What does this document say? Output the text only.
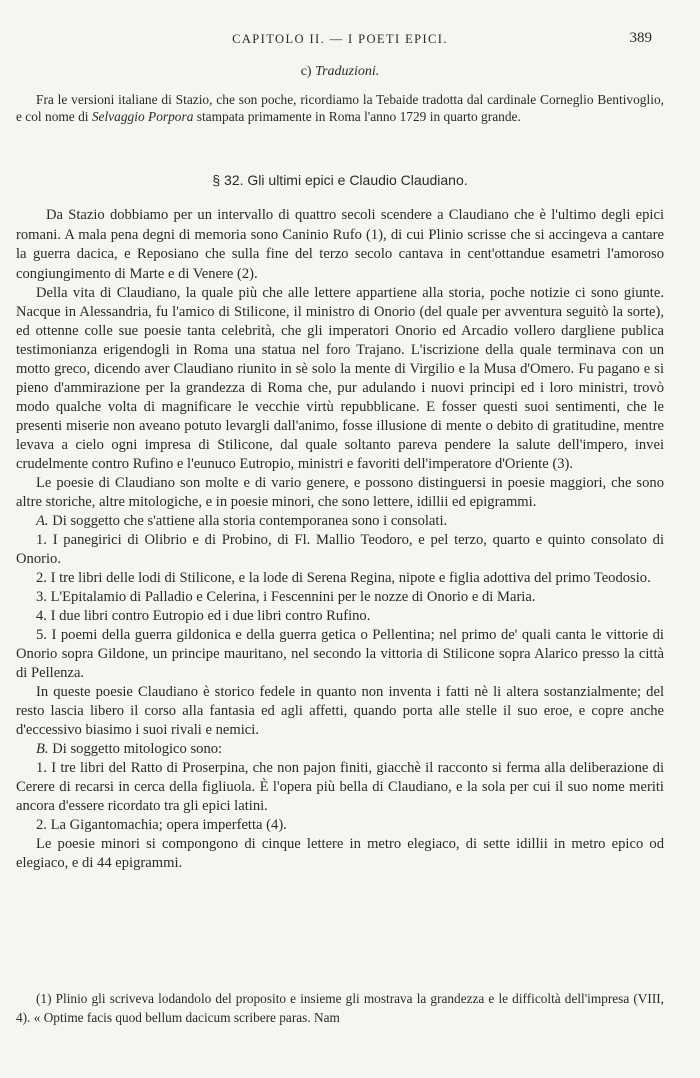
CAPITOLO II. — I POETI EPICI.	389
c) Traduzioni.

Fra le versioni italiane di Stazio, che son poche, ricordiamo la Tebaide tradotta dal cardinale Corneglio Bentivoglio, e col nome di Selvaggio Porpora stampata primamente in Roma l'anno 1729 in quarto grande.

§ 32. Gli ultimi epici e Claudio Claudiano.

Da Stazio dobbiamo per un intervallo di quattro secoli scendere a Claudiano che è l'ultimo degli epici romani. A mala pena degni di memoria sono Caninio Rufo (1), di cui Plinio scrisse che si accingeva a cantare la guerra dacica, e Reposiano che sulla fine del terzo secolo cantava in cent'ottandue esametri l'amoroso congiungimento di Marte e di Venere (2).

Della vita di Claudiano, la quale più che alle lettere appartiene alla storia, poche notizie ci sono giunte. Nacque in Alessandria, fu l'amico di Stilicone, il ministro di Onorio (del quale per avventura seguitò la sorte), ed ottenne colle sue poesie tanta celebrità, che gli imperatori Onorio ed Arcadio vollero dargliene publica testimonianza erigendogli in Roma una statua nel foro Trajano. L'iscrizione della quale terminava con un motto greco, dicendo aver Claudiano riunito in sè solo la mente di Virgilio e la Musa d'Omero. Fu pagano e si pieno d'ammirazione per la grandezza di Roma che, pur adulando i nuovi principi ed i loro ministri, trovò modo qualche volta di magnificare le vecchie virtù repubblicane. E fosser questi suoi sentimenti, che le presenti miserie non aveano potuto levargli dall'animo, fosse illusione di mente o debito di gratitudine, mentre levava a cielo ogni impresa di Stilicone, dal quale soltanto pareva pendere la salute dell'impero, invei crudelmente contro Rufino e l'eunuco Eutropio, ministri e favoriti dell'imperatore d'Oriente (3).

Le poesie di Claudiano son molte e di vario genere, e possono distinguersi in poesie maggiori, che sono altre storiche, altre mitologiche, e in poesie minori, che sono lettere, idillii ed epigrammi.

A. Di soggetto che s'attiene alla storia contemporanea sono i consolati.

1. I panegirici di Olibrio e di Probino, di Fl. Mallio Teodoro, e pel terzo, quarto e quinto consolato di Onorio.

2. I tre libri delle lodi di Stilicone, e la lode di Serena Regina, nipote e figlia adottiva del primo Teodosio.

3. L'Epitalamio di Palladio e Celerina, i Fescennini per le nozze di Onorio e di Maria.

4. I due libri contro Eutropio ed i due libri contro Rufino.

5. I poemi della guerra gildonica e della guerra getica o Pellentina; nel primo de' quali canta le vittorie di Onorio sopra Gildone, un principe mauritano, nel secondo la vittoria di Stilicone sopra Alarico presso la città di Pellenza.

In queste poesie Claudiano è storico fedele in quanto non inventa i fatti nè li altera sostanzialmente; del resto lascia libero il corso alla fantasia ed agli affetti, quando porta alle stelle il suo eroe, e copre anche d'eccessivo biasimo i suoi rivali e nemici.

B. Di soggetto mitologico sono:

1. I tre libri del Ratto di Proserpina, che non pajon finiti, giacchè il racconto si ferma alla deliberazione di Cerere di recarsi in cerca della figliuola. È l'opera più bella di Claudiano, e la sola per cui il suo nome meriti ancora d'essere ricordato tra gli epici latini.

2. La Gigantomachia; opera imperfetta (4).

Le poesie minori si compongono di cinque lettere in metro elegiaco, di sette idillii in metro epico od elegiaco, e di 44 epigrammi.

(1) Plinio gli scriveva lodandolo del proposito e insieme gli mostrava la grandezza e le difficoltà dell'impresa (VIII, 4). « Optime facis quod bellum dacicum scribere paras. Nam
